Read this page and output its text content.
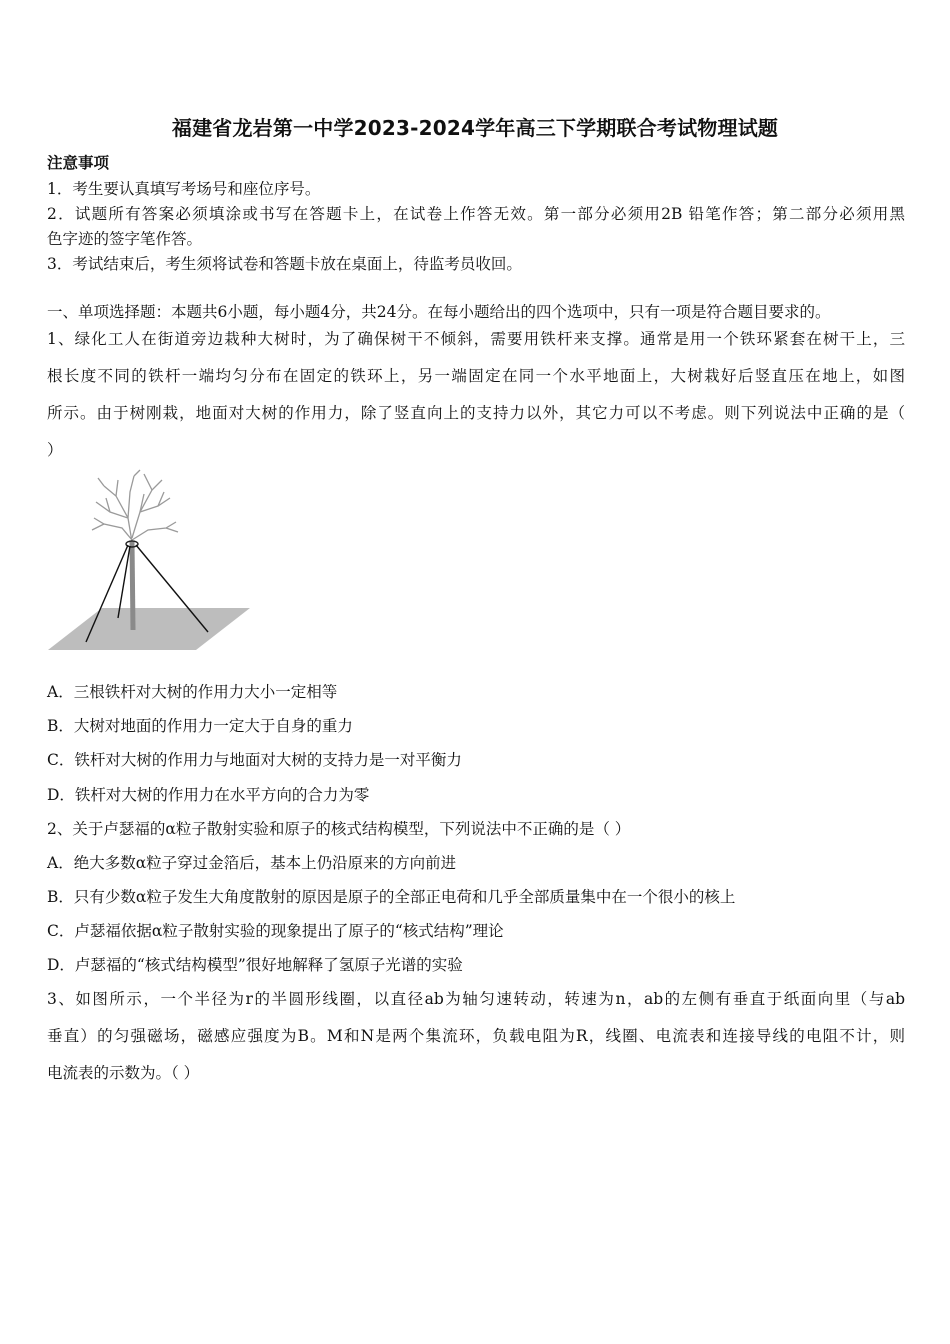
福建省龙岩第一中学2023-2024学年高三下学期联合考试物理试题
注意事项
1．考生要认真填写考场号和座位序号。
2．试题所有答案必须填涂或书写在答题卡上，在试卷上作答无效。第一部分必须用2B 铅笔作答；第二部分必须用黑
色字迹的签字笔作答。
3．考试结束后，考生须将试卷和答题卡放在桌面上，待监考员收回。
一、单项选择题：本题共6小题，每小题4分，共24分。在每小题给出的四个选项中，只有一项是符合题目要求的。
1、绿化工人在街道旁边栽种大树时，为了确保树干不倾斜，需要用铁杆来支撑。通常是用一个铁环紧套在树干上，三
根长度不同的铁杆一端均匀分布在固定的铁环上，另一端固定在同一个水平地面上，大树栽好后竖直压在地上，如图
所示。由于树刚栽，地面对大树的作用力，除了竖直向上的支持力以外，其它力可以不考虑。则下列说法中正确的是（
）
A．三根铁杆对大树的作用力大小一定相等
B．大树对地面的作用力一定大于自身的重力
C．铁杆对大树的作用力与地面对大树的支持力是一对平衡力
D．铁杆对大树的作用力在水平方向的合力为零
2、关于卢瑟福的α粒子散射实验和原子的核式结构模型，下列说法中不正确的是（ ）
A．绝大多数α粒子穿过金箔后，基本上仍沿原来的方向前进
B．只有少数α粒子发生大角度散射的原因是原子的全部正电荷和几乎全部质量集中在一个很小的核上
C．卢瑟福依据α粒子散射实验的现象提出了原子的“核式结构”理论
D．卢瑟福的“核式结构模型”很好地解释了氢原子光谱的实验
3、如图所示，一个半径为r的半圆形线圈，以直径ab为轴匀速转动，转速为n，ab的左侧有垂直于纸面向里（与ab
垂直）的匀强磁场，磁感应强度为B。M和N是两个集流环，负载电阻为R，线圈、电流表和连接导线的电阻不计，则
电流表的示数为。（ ）
